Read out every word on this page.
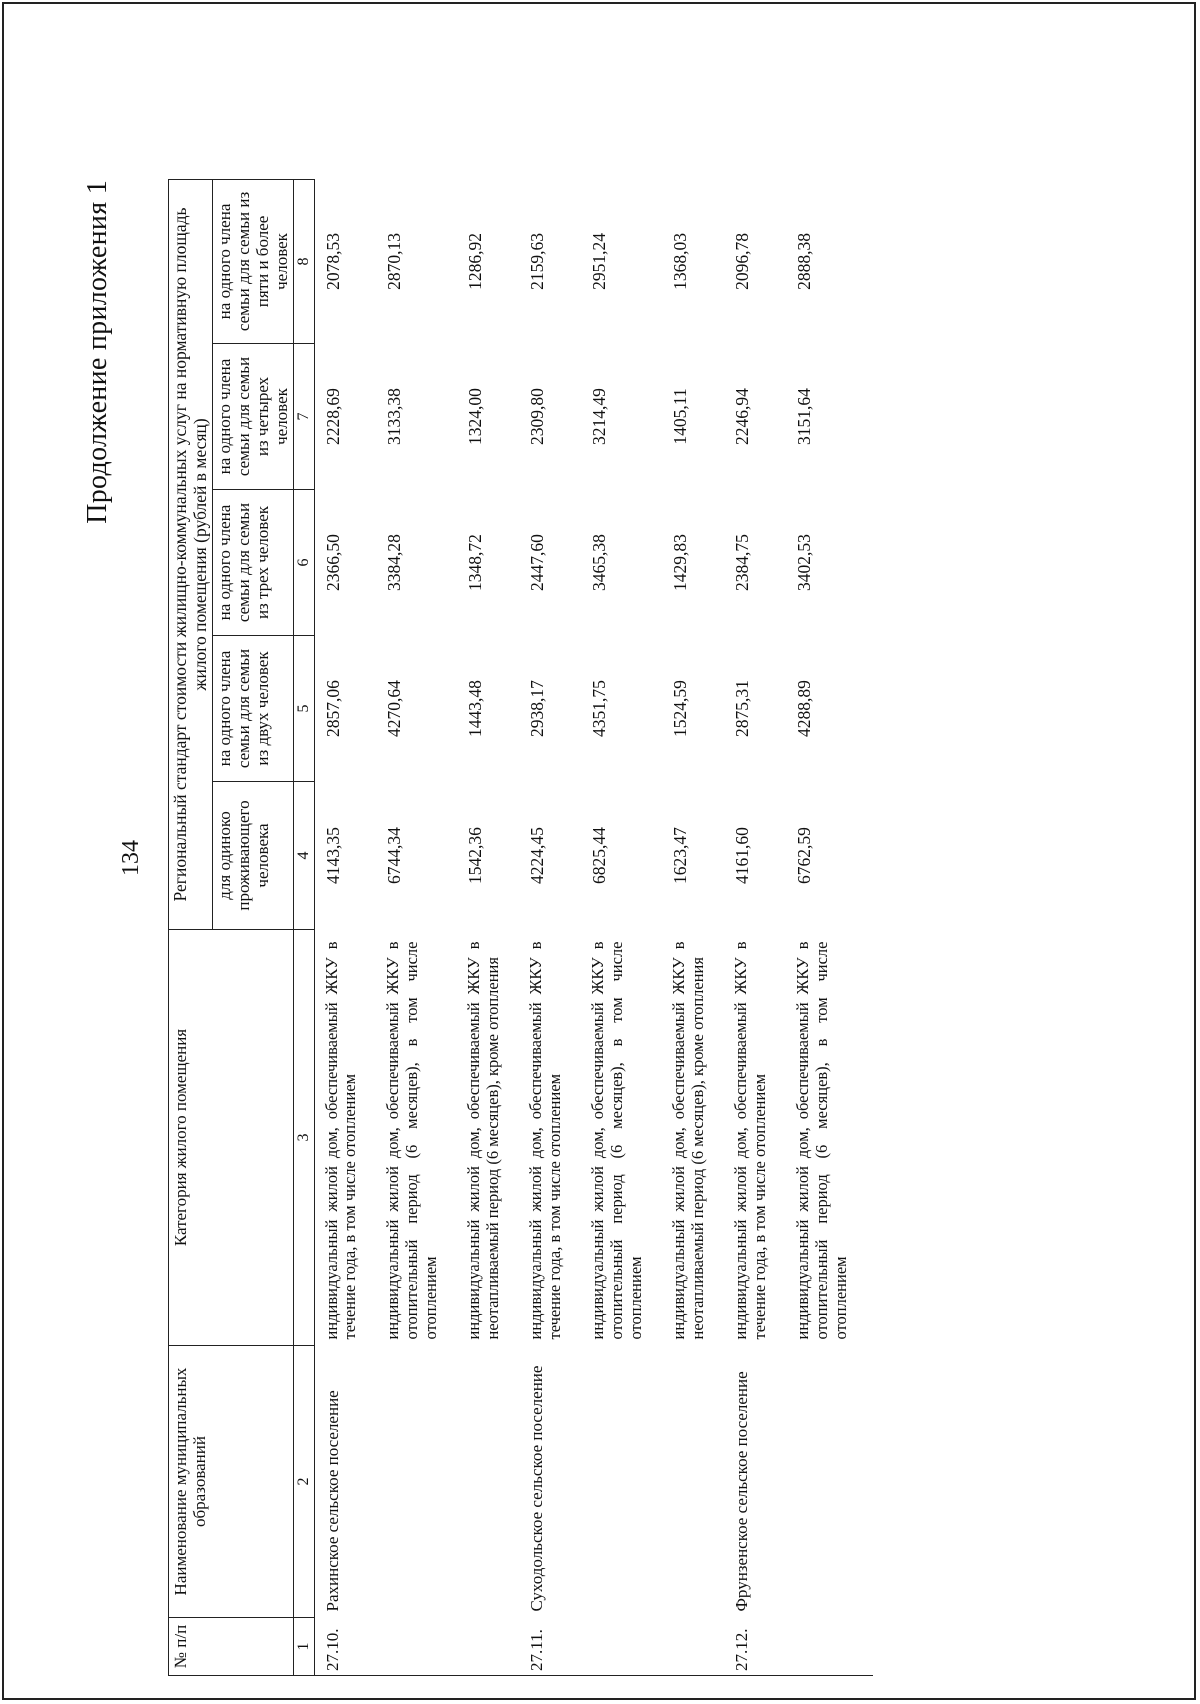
Продолжение приложения 1
134
№ п/п	Наименование муниципальных образований	Категория жилого помещения	Региональный стандарт стоимости жилищно-коммунальных услуг на нормативную площадь жилого помещения (рублей в месяц)				
			для одиноко проживающего человека	на одного члена семьи для семьи из двух человек	на одного члена семьи для семьи из трех человек	на одного члена семьи для семьи из четырех человек	на одного члена семьи для семьи из пяти и более человек
1	2	3	4	5	6	7	8
27.10.	Рахинское сельское поселение	индивидуальный жилой дом, обеспечиваемый ЖКУ в течение года, в том числе отоплением	4143,35	2857,06	2366,50	2228,69	2078,53
		индивидуальный жилой дом, обеспечиваемый ЖКУ в отопительный период (6 месяцев), в том числе отоплением	6744,34	4270,64	3384,28	3133,38	2870,13
		индивидуальный жилой дом, обеспечиваемый ЖКУ в неотапливаемый период (6 месяцев), кроме отопления	1542,36	1443,48	1348,72	1324,00	1286,92
27.11.	Суходольское сельское поселение	индивидуальный жилой дом, обеспечиваемый ЖКУ в течение года, в том числе отоплением	4224,45	2938,17	2447,60	2309,80	2159,63
		индивидуальный жилой дом, обеспечиваемый ЖКУ в отопительный период (6 месяцев), в том числе отоплением	6825,44	4351,75	3465,38	3214,49	2951,24
		индивидуальный жилой дом, обеспечиваемый ЖКУ в неотапливаемый период (6 месяцев), кроме отопления	1623,47	1524,59	1429,83	1405,11	1368,03
27.12.	Фрунзенское сельское поселение	индивидуальный жилой дом, обеспечиваемый ЖКУ в течение года, в том числе отоплением	4161,60	2875,31	2384,75	2246,94	2096,78
		индивидуальный жилой дом, обеспечиваемый ЖКУ в отопительный период (6 месяцев), в том числе отоплением	6762,59	4288,89	3402,53	3151,64	2888,38
